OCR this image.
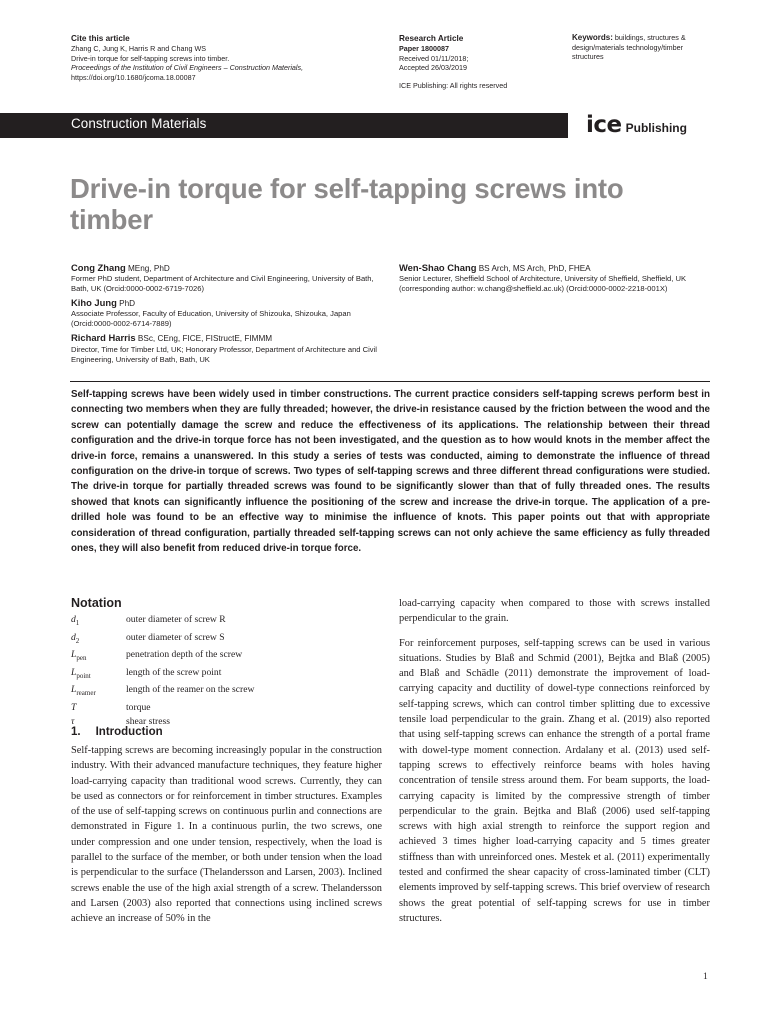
Cite this article
Zhang C, Jung K, Harris R and Chang WS
Drive-in torque for self-tapping screws into timber.
Proceedings of the Institution of Civil Engineers – Construction Materials,
https://doi.org/10.1680/jcoma.18.00087
Research Article
Paper 1800087
Received 01/11/2018;
Accepted 26/03/2019
ICE Publishing: All rights reserved
Keywords: buildings, structures & design/materials technology/timber structures
Construction Materials	ice Publishing
Drive-in torque for self-tapping screws into timber
Cong Zhang MEng, PhD
Former PhD student, Department of Architecture and Civil Engineering, University of Bath, Bath, UK (Orcid:0000-0002-6719-7026)
Kiho Jung PhD
Associate Professor, Faculty of Education, University of Shizouka, Shizouka, Japan (Orcid:0000-0002-6714-7889)
Richard Harris BSc, CEng, FICE, FIStructE, FIMMM
Director, Time for Timber Ltd, UK; Honorary Professor, Department of Architecture and Civil Engineering, University of Bath, Bath, UK
Wen-Shao Chang BS Arch, MS Arch, PhD, FHEA
Senior Lecturer, Sheffield School of Architecture, University of Sheffield, Sheffield, UK (corresponding author: w.chang@sheffield.ac.uk) (Orcid:0000-0002-2218-001X)

Self-tapping screws have been widely used in timber constructions. The current practice considers self-tapping screws perform best in connecting two members when they are fully threaded; however, the drive-in resistance caused by the friction between the wood and the screw can potentially damage the screw and reduce the effectiveness of its applications. The relationship between their thread configuration and the drive-in torque force has not been investigated, and the question as to how would knots in the member affect the drive-in force, remains a unanswered. In this study a series of tests was conducted, aiming to demonstrate the influence of thread configuration on the drive-in torque of screws. Two types of self-tapping screws and three different thread configurations were studied. The drive-in torque for partially threaded screws was found to be significantly slower than that of fully threaded ones. The results showed that knots can significantly influence the positioning of the screw and increase the drive-in torque. The application of a pre-drilled hole was found to be an effective way to minimise the influence of knots. This paper points out that with appropriate consideration of thread configuration, partially threaded self-tapping screws can not only achieve the same efficiency as fully threaded ones, they will also benefit from reduced drive-in torque force.

Notation
$d_1$	outer diameter of screw R
$d_2$	outer diameter of screw S
$L_{pen}$	penetration depth of the screw
$L_{point}$	length of the screw point
$L_{reamer}$	length of the reamer on the screw
T	torque
τ	shear stress
1. Introduction

Self-tapping screws are becoming increasingly popular in the construction industry. With their advanced manufacture techniques, they feature higher load-carrying capacity than traditional wood screws. Currently, they can be used as connectors or for reinforcement in timber structures. Examples of the use of self-tapping screws on continuous purlin and connections are demonstrated in Figure 1. In a continuous purlin, the two screws, one under compression and one under tension, respectively, when the load is parallel to the surface of the member, or both under tension when the load is perpendicular to the surface (Thelandersson and Larsen, 2003). Inclined screws enable the use of the high axial strength of a screw. Thelandersson and Larsen (2003) also reported that connections using inclined screws achieve an increase of 50% in the

load-carrying capacity when compared to those with screws installed perpendicular to the grain.

For reinforcement purposes, self-tapping screws can be used in various situations. Studies by Blaß and Schmid (2001), Bejtka and Blaß (2005) and Blaß and Schädle (2011) demonstrate the improvement of load-carrying capacity and ductility of dowel-type connections reinforced by self-tapping screws, which can control timber splitting due to excessive tensile load perpendicular to the grain. Zhang et al. (2019) also reported that using self-tapping screws can enhance the strength of a portal frame with dowel-type moment connection. Ardalany et al. (2013) used self-tapping screws to effectively reinforce beams with holes having concentration of tensile stress around them. For beam supports, the load-carrying capacity is limited by the compressive strength of timber perpendicular to the grain. Bejtka and Blaß (2006) used self-tapping screws with high axial strength to reinforce the support region and achieved 3 times higher load-carrying capacity and 5 times greater stiffness than with unreinforced ones. Mestek et al. (2011) experimentally tested and confirmed the shear capacity of cross-laminated timber (CLT) elements improved by self-tapping screws. This brief overview of research shows the great potential of self-tapping screws for use in timber structures.

1
